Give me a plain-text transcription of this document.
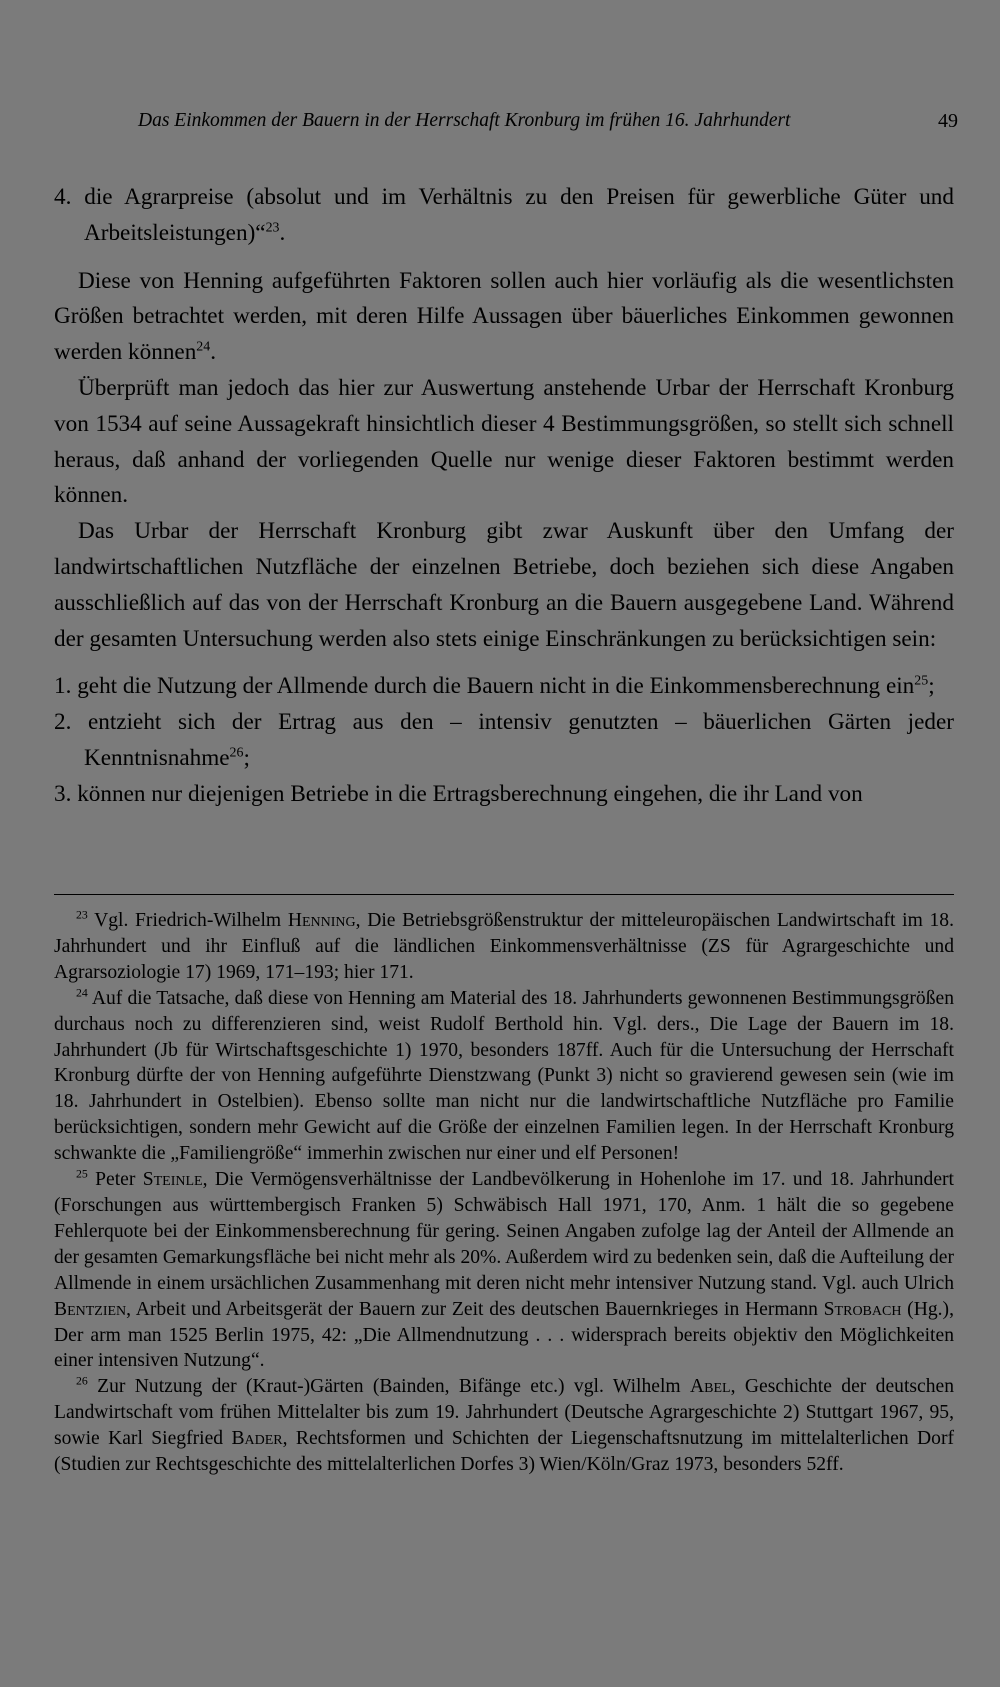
Das Einkommen der Bauern in der Herrschaft Kronburg im frühen 16. Jahrhundert	49

4. die Agrarpreise (absolut und im Verhältnis zu den Preisen für gewerbliche Güter und Arbeitsleistungen)“$^{23}$.

Diese von Henning aufgeführten Faktoren sollen auch hier vorläufig als die wesentlichsten Größen betrachtet werden, mit deren Hilfe Aussagen über bäuerliches Einkommen gewonnen werden können$^{24}$.

Überprüft man jedoch das hier zur Auswertung anstehende Urbar der Herrschaft Kronburg von 1534 auf seine Aussagekraft hinsichtlich dieser 4 Bestimmungsgrößen, so stellt sich schnell heraus, daß anhand der vorliegenden Quelle nur wenige dieser Faktoren bestimmt werden können.

Das Urbar der Herrschaft Kronburg gibt zwar Auskunft über den Umfang der landwirtschaftlichen Nutzfläche der einzelnen Betriebe, doch beziehen sich diese Angaben ausschließlich auf das von der Herrschaft Kronburg an die Bauern ausgegebene Land. Während der gesamten Untersuchung werden also stets einige Einschränkungen zu berücksichtigen sein:

1. geht die Nutzung der Allmende durch die Bauern nicht in die Einkommensberechnung ein$^{25}$;

2. entzieht sich der Ertrag aus den – intensiv genutzten – bäuerlichen Gärten jeder Kenntnisnahme$^{26}$;

3. können nur diejenigen Betriebe in die Ertragsberechnung eingehen, die ihr Land von

$^{23}$ Vgl. Friedrich-Wilhelm Henning, Die Betriebsgrößenstruktur der mitteleuropäischen Landwirtschaft im 18. Jahrhundert und ihr Einfluß auf die ländlichen Einkommensverhältnisse (ZS für Agrargeschichte und Agrarsoziologie 17) 1969, 171–193; hier 171.

$^{24}$ Auf die Tatsache, daß diese von Henning am Material des 18. Jahrhunderts gewonnenen Bestimmungsgrößen durchaus noch zu differenzieren sind, weist Rudolf Berthold hin. Vgl. ders., Die Lage der Bauern im 18. Jahrhundert (Jb für Wirtschaftsgeschichte 1) 1970, besonders 187ff. Auch für die Untersuchung der Herrschaft Kronburg dürfte der von Henning aufgeführte Dienstzwang (Punkt 3) nicht so gravierend gewesen sein (wie im 18. Jahrhundert in Ostelbien). Ebenso sollte man nicht nur die landwirtschaftliche Nutzfläche pro Familie berücksichtigen, sondern mehr Gewicht auf die Größe der einzelnen Familien legen. In der Herrschaft Kronburg schwankte die „Familiengröße“ immerhin zwischen nur einer und elf Personen!

$^{25}$ Peter Steinle, Die Vermögensverhältnisse der Landbevölkerung in Hohenlohe im 17. und 18. Jahrhundert (Forschungen aus württembergisch Franken 5) Schwäbisch Hall 1971, 170, Anm. 1 hält die so gegebene Fehlerquote bei der Einkommensberechnung für gering. Seinen Angaben zufolge lag der Anteil der Allmende an der gesamten Gemarkungsfläche bei nicht mehr als 20%. Außerdem wird zu bedenken sein, daß die Aufteilung der Allmende in einem ursächlichen Zusammenhang mit deren nicht mehr intensiver Nutzung stand. Vgl. auch Ulrich Bentzien, Arbeit und Arbeitsgerät der Bauern zur Zeit des deutschen Bauernkrieges in Hermann Strobach (Hg.), Der arm man 1525 Berlin 1975, 42: „Die Allmendnutzung . . . widersprach bereits objektiv den Möglichkeiten einer intensiven Nutzung“.

$^{26}$ Zur Nutzung der (Kraut-)Gärten (Bainden, Bifänge etc.) vgl. Wilhelm Abel, Geschichte der deutschen Landwirtschaft vom frühen Mittelalter bis zum 19. Jahrhundert (Deutsche Agrargeschichte 2) Stuttgart 1967, 95, sowie Karl Siegfried Bader, Rechtsformen und Schichten der Liegenschaftsnutzung im mittelalterlichen Dorf (Studien zur Rechtsgeschichte des mittelalterlichen Dorfes 3) Wien/Köln/Graz 1973, besonders 52ff.
